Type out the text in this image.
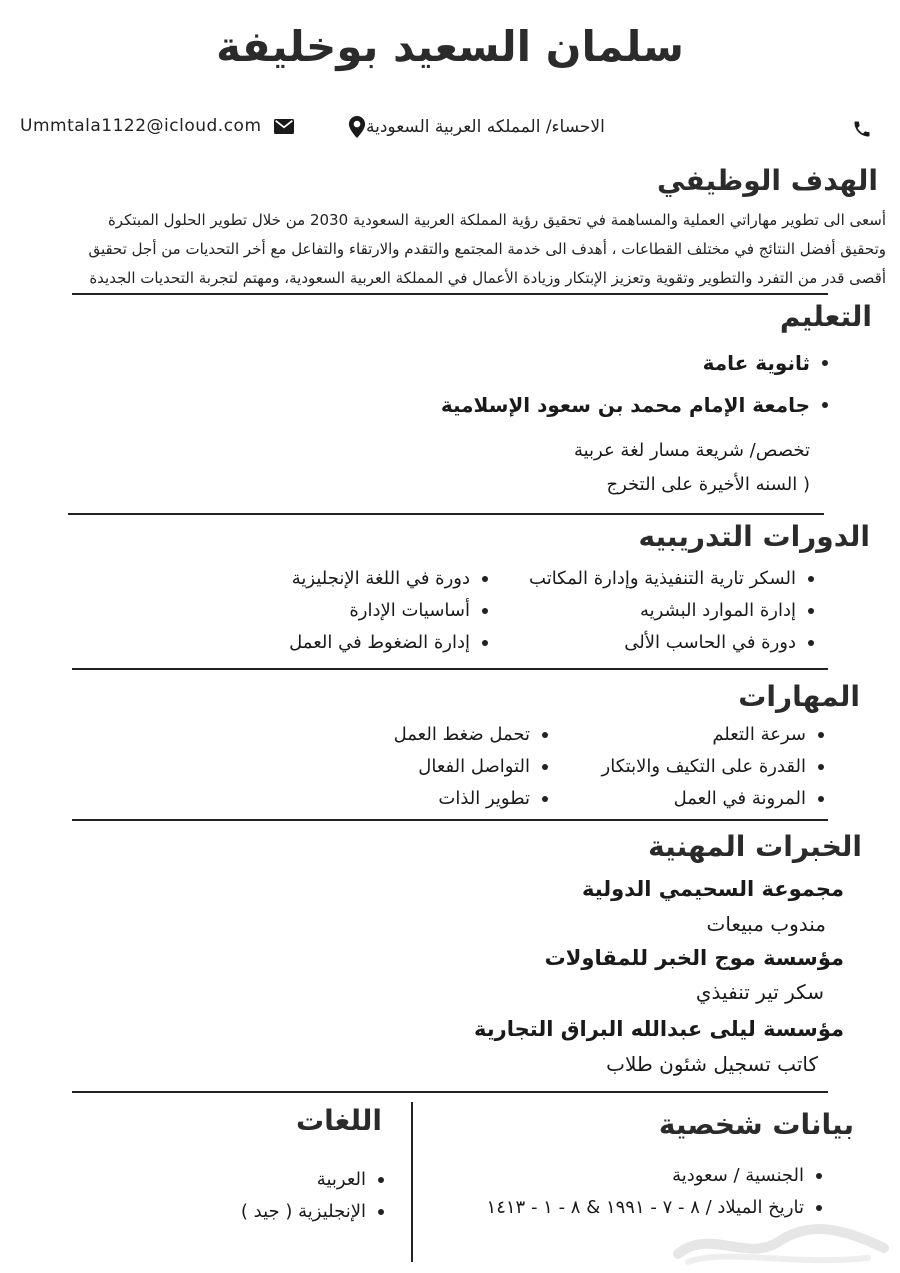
سلمان السعيد بوخليفة
الاحساء/ المملكه العربية السعودية
Ummtala1122@icloud.com
الهدف الوظيفي
أسعى الى تطوير مهاراتي العملية والمساهمة في تحقيق رؤية المملكة العربية السعودية 2030 من خلال تطوير الحلول المبتكرة
وتحقيق أفضل النتائج في مختلف القطاعات ، أهدف الى خدمة المجتمع والتقدم والارتقاء والتفاعل مع أخر التحديات من أجل تحقيق
أقصى قدر من التفرد والتطوير وتقوية وتعزيز الإبتكار وزيادة الأعمال في المملكة العربية السعودية، ومهتم لتجربة التحديات الجديدة
التعليم
ثانوية عامة
جامعة الإمام محمد بن سعود الإسلامية
تخصص/ شريعة مسار لغة عربية
( السنه الأخيرة على التخرج
الدورات التدريبيه
السكر تارية التنفيذية وإدارة المكاتب
إدارة الموارد البشريه
دورة في الحاسب الألى
دورة في اللغة الإنجليزية
أساسيات الإدارة
إدارة الضغوط في العمل
المهارات
سرعة التعلم
القدرة على التكيف والابتكار
المرونة في العمل
تحمل ضغط العمل
التواصل الفعال
تطوير الذات
الخبرات المهنية
مجموعة السحيمي الدولية
مندوب مبيعات
مؤسسة موج الخبر للمقاولات
سكر تير تنفيذي
مؤسسة ليلى عبدالله البراق التجارية
كاتب تسجيل شئون طلاب
بيانات شخصية
الجنسية / سعودية
تاريخ الميلاد / ٨ - ٧ - ١٩٩١ & ٨ - ١ - ١٤١٣
اللغات
العربية
الإنجليزية ( جيد )
